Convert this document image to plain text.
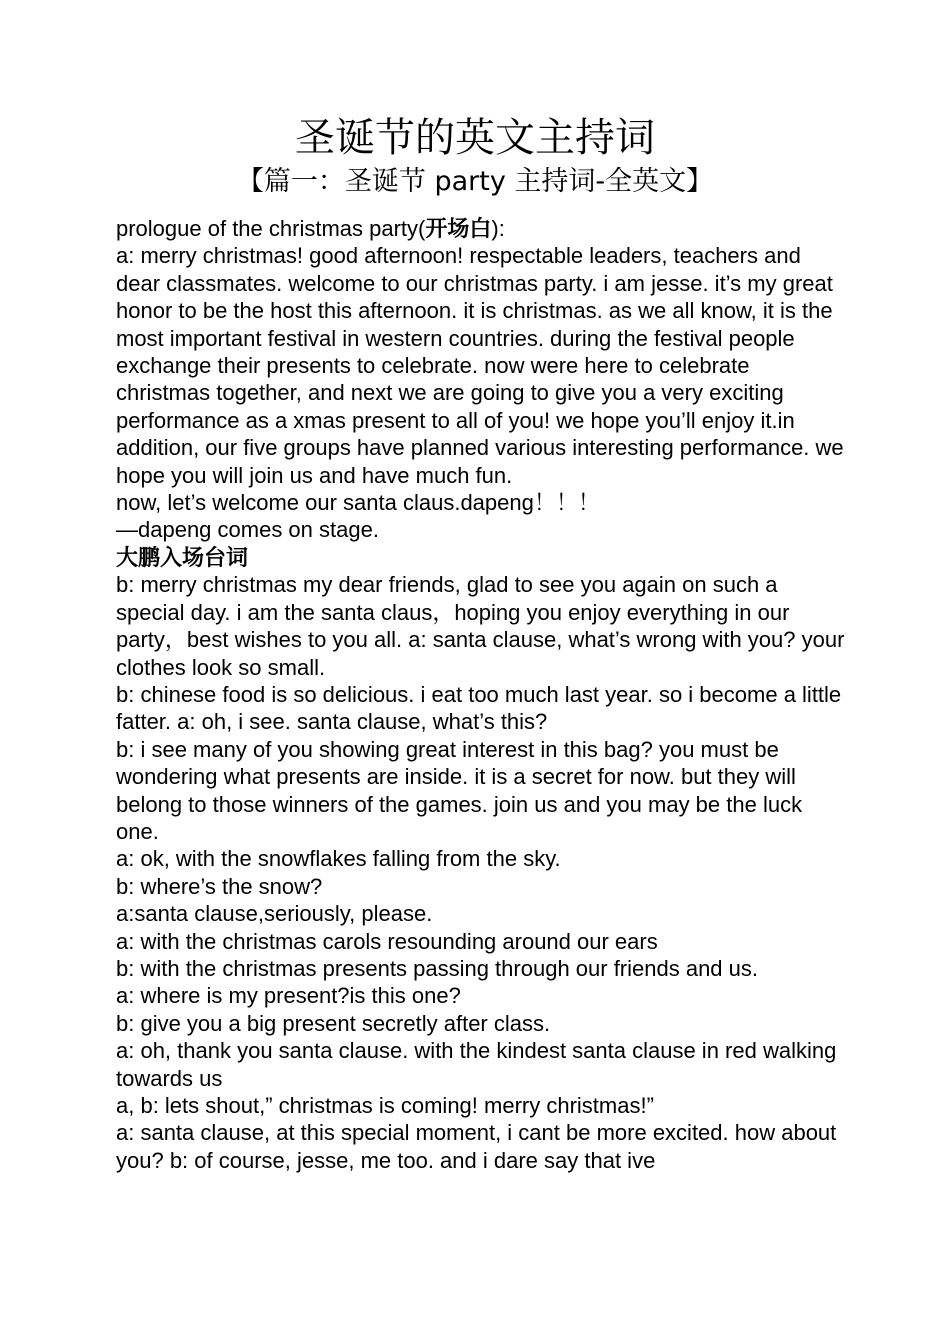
圣诞节的英文主持词
【篇一：圣诞节 party 主持词-全英文】

prologue of the christmas party(开场白):

a: merry christmas! good afternoon! respectable leaders, teachers and dear classmates. welcome to our christmas party. i am jesse. it’s my great honor to be the host this afternoon. it is christmas. as we all know, it is the most important festival in western countries. during the festival people exchange their presents to celebrate. now were here to celebrate christmas together, and next we are going to give you a very exciting performance as a xmas present to all of you! we hope you’ll enjoy it.in addition, our five groups have planned various interesting performance. we hope you will join us and have much fun.

now, let’s welcome our santa claus.dapeng！！！

—dapeng comes on stage.

大鹏入场台词

b: merry christmas my dear friends, glad to see you again on such a special day. i am the santa claus，hoping you enjoy everything in our party，best wishes to you all. a: santa clause, what’s wrong with you? your clothes look so small.

b: chinese food is so delicious. i eat too much last year. so i become a little fatter. a: oh, i see. santa clause, what’s this?

b: i see many of you showing great interest in this bag? you must be wondering what presents are inside. it is a secret for now. but they will belong to those winners of the games. join us and you may be the luck one.

a: ok, with the snowflakes falling from the sky.

b: where’s the snow?

a:santa clause,seriously, please.

a: with the christmas carols resounding around our ears

b: with the christmas presents passing through our friends and us.

a: where is my present?is this one?

b: give you a big present secretly after class.

a: oh, thank you santa clause. with the kindest santa clause in red walking towards us

a, b: lets shout,” christmas is coming! merry christmas!”

a: santa clause, at this special moment, i cant be more excited. how about you? b: of course, jesse, me too. and i dare say that ive
